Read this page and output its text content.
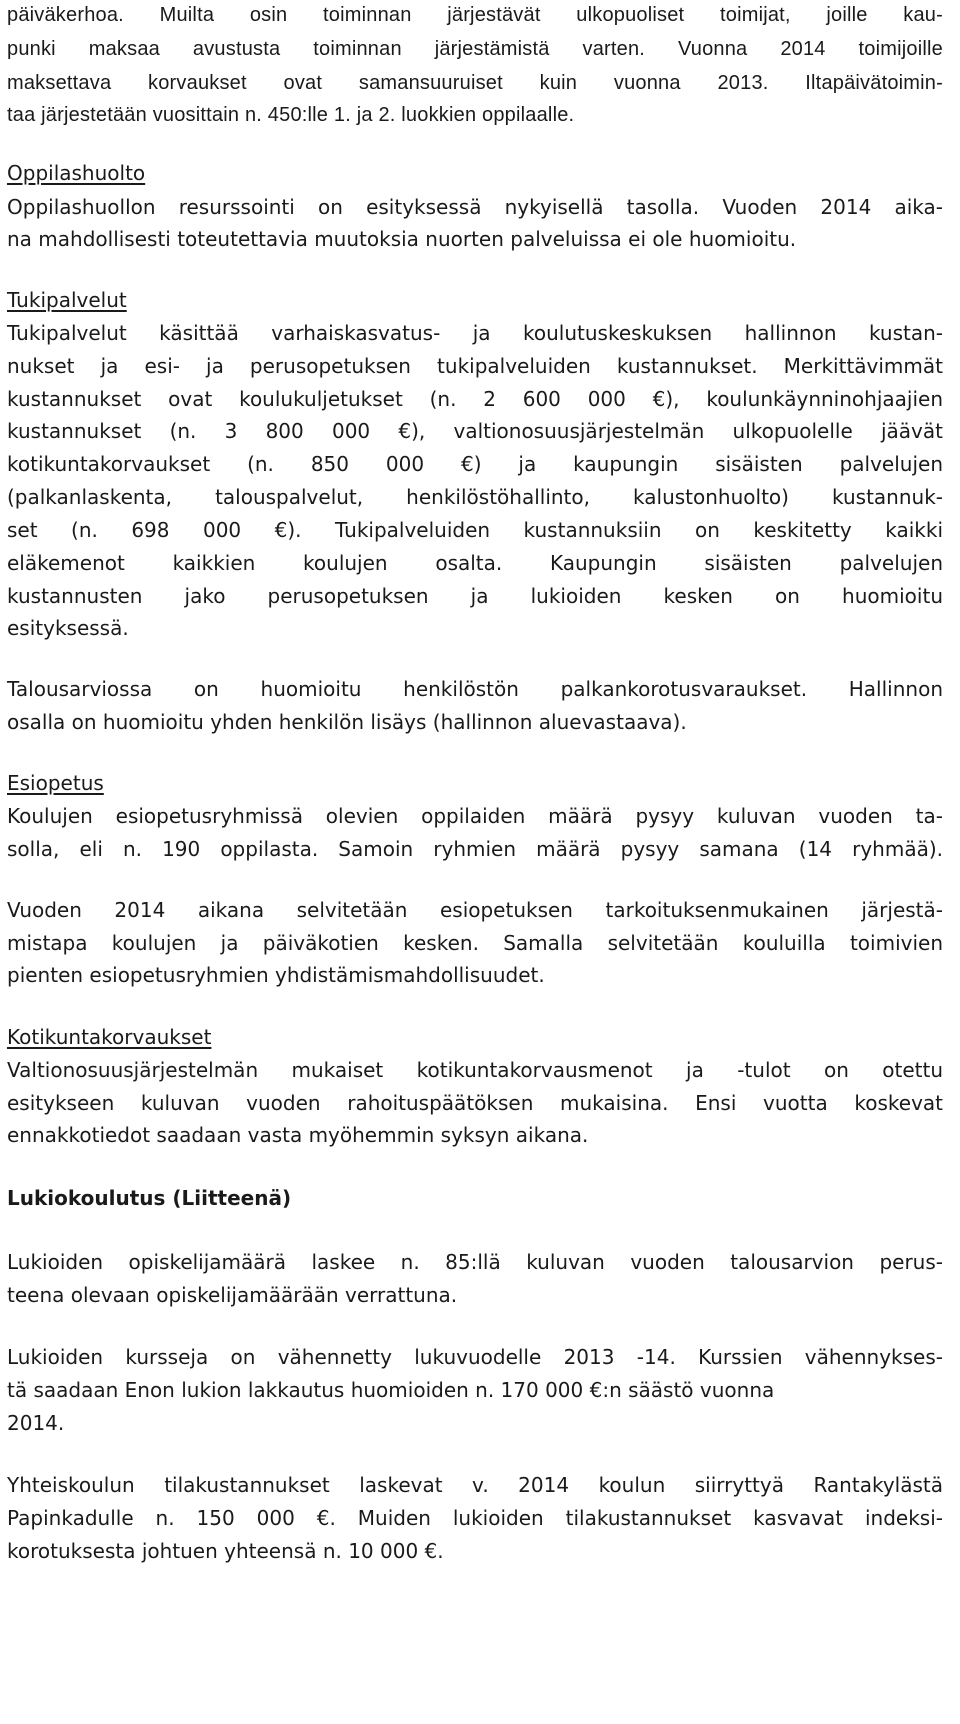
päiväkerhoa. Muilta osin toiminnan järjestävät ulkopuoliset toimijat, joille kau-
punki maksaa avustusta toiminnan järjestämistä varten. Vuonna 2014 toimijoille
maksettava korvaukset ovat samansuuruiset kuin vuonna 2013. Iltapäivätoimin-
taa järjestetään vuosittain n. 450:lle 1. ja 2. luokkien oppilaalle.
Oppilashuolto
Oppilashuollon resurssointi on esityksessä nykyisellä tasolla. Vuoden 2014 aika-
na mahdollisesti toteutettavia muutoksia nuorten palveluissa ei ole huomioitu.
Tukipalvelut
Tukipalvelut käsittää varhaiskasvatus- ja koulutuskeskuksen hallinnon kustan-
nukset ja esi- ja perusopetuksen tukipalveluiden kustannukset. Merkittävimmät
kustannukset ovat koulukuljetukset (n. 2 600 000 €), koulunkäynninohjaajien
kustannukset (n. 3 800 000 €), valtionosuusjärjestelmän ulkopuolelle jäävät
kotikuntakorvaukset (n. 850 000 €) ja kaupungin sisäisten palvelujen
(palkanlaskenta, talouspalvelut, henkilöstöhallinto, kalustonhuolto) kustannuk-
set (n. 698 000 €). Tukipalveluiden kustannuksiin on keskitetty kaikki
eläkemenot kaikkien koulujen osalta. Kaupungin sisäisten palvelujen
kustannusten jako perusopetuksen ja lukioiden kesken on huomioitu
esityksessä.
Talousarviossa on huomioitu henkilöstön palkankorotusvaraukset. Hallinnon
osalla on huomioitu yhden henkilön lisäys (hallinnon aluevastaava).
Esiopetus
Koulujen esiopetusryhmissä olevien oppilaiden määrä pysyy kuluvan vuoden ta-
solla, eli n. 190 oppilasta. Samoin ryhmien määrä pysyy samana (14 ryhmää).
Vuoden 2014 aikana selvitetään esiopetuksen tarkoituksenmukainen järjestä-
mistapa koulujen ja päiväkotien kesken. Samalla selvitetään kouluilla toimivien
pienten esiopetusryhmien yhdistämismahdollisuudet.
Kotikuntakorvaukset
Valtionosuusjärjestelmän mukaiset kotikuntakorvausmenot ja -tulot on otettu
esitykseen kuluvan vuoden rahoituspäätöksen mukaisina. Ensi vuotta koskevat
ennakkotiedot saadaan vasta myöhemmin syksyn aikana.
Lukiokoulutus (Liitteenä)
Lukioiden opiskelijamäärä laskee n. 85:llä kuluvan vuoden talousarvion perus-
teena olevaan opiskelijamäärään verrattuna.
Lukioiden kursseja on vähennetty lukuvuodelle 2013 -14. Kurssien vähennykses-
tä saadaan Enon lukion lakkautus huomioiden n. 170 000 €:n säästö vuonna
2014.
Yhteiskoulun tilakustannukset laskevat v. 2014 koulun siirryttyä Rantakylästä
Papinkadulle n. 150 000 €. Muiden lukioiden tilakustannukset kasvavat indeksi-
korotuksesta johtuen yhteensä n. 10 000 €.
